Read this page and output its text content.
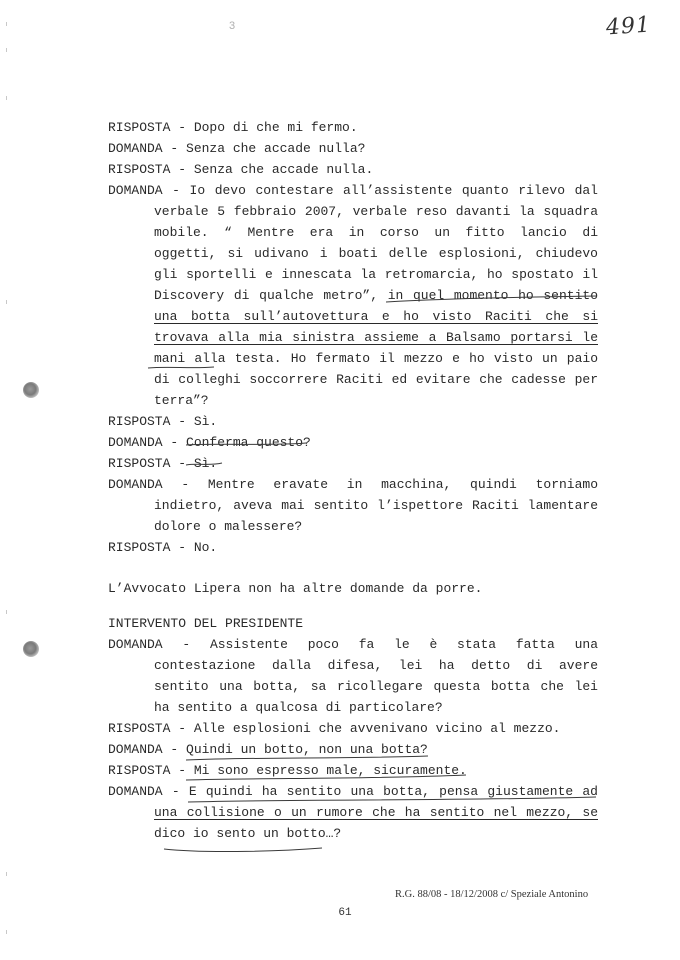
3	491
RISPOSTA - Dopo di che mi fermo.
DOMANDA - Senza che accade nulla?
RISPOSTA - Senza che accade nulla.
DOMANDA - Io devo contestare all’assistente quanto rilevo dal
verbale 5 febbraio 2007, verbale reso davanti la squadra
mobile. “ Mentre era in corso un fitto lancio di
oggetti, si udivano i boati delle esplosioni, chiudevo
gli sportelli e innescata la retromarcia, ho spostato il
Discovery di qualche metro”, in quel momento ho sentito
una botta sull’autovettura e ho visto Raciti che si
trovava alla mia sinistra assieme a Balsamo portarsi le
mani alla testa. Ho fermato il mezzo e ho visto un paio
di colleghi soccorrere Raciti ed evitare che cadesse per
terra”?
RISPOSTA - Sì.
DOMANDA - Conferma questo?
RISPOSTA - Sì.
DOMANDA - Mentre eravate in macchina, quindi torniamo
indietro, aveva mai sentito l’ispettore Raciti lamentare
dolore o malessere?
RISPOSTA - No.
L’Avvocato Lipera non ha altre domande da porre.
INTERVENTO DEL PRESIDENTE
DOMANDA - Assistente poco fa le è stata fatta una
contestazione dalla difesa, lei ha detto di avere
sentito una botta, sa ricollegare questa botta che lei
ha sentito a qualcosa di particolare?
RISPOSTA - Alle esplosioni che avvenivano vicino al mezzo.
DOMANDA - Quindi un botto, non una botta?
RISPOSTA - Mi sono espresso male, sicuramente.
DOMANDA - E quindi ha sentito una botta, pensa giustamente ad
una collisione o un rumore che ha sentito nel mezzo, se
dico io sento un botto…?
R.G. 88/08 - 18/12/2008 c/ Speziale Antonino
61
